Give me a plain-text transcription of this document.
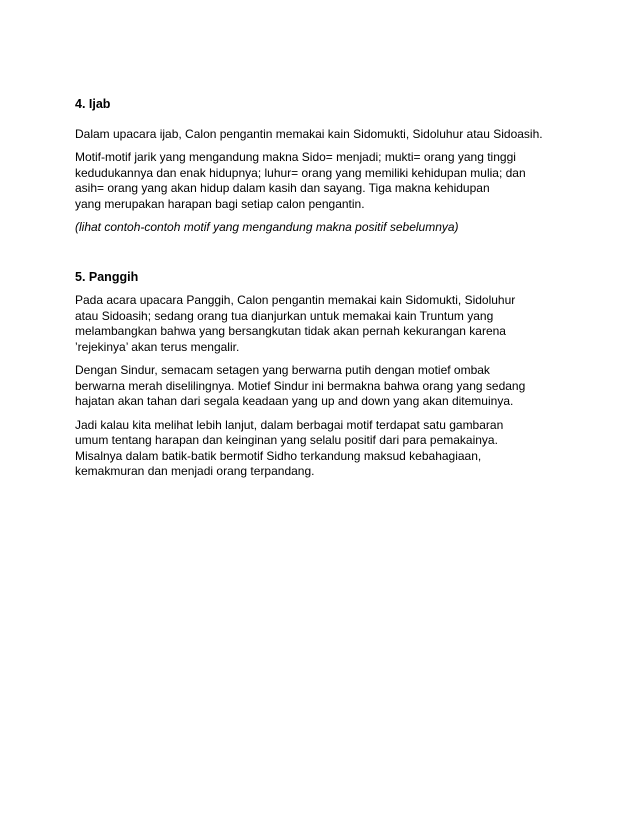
4. Ijab

Dalam upacara ijab, Calon pengantin memakai kain Sidomukti, Sidoluhur atau Sidoasih.

Motif-motif jarik yang mengandung makna Sido= menjadi; mukti= orang yang tinggi
kedudukannya dan enak hidupnya; luhur= orang yang memiliki kehidupan mulia; dan
asih= orang yang akan hidup dalam kasih dan sayang. Tiga makna kehidupan
yang merupakan harapan bagi setiap calon pengantin.

(lihat contoh-contoh motif yang mengandung makna positif sebelumnya)

5. Panggih

Pada acara upacara Panggih, Calon pengantin memakai kain Sidomukti, Sidoluhur
atau Sidoasih; sedang orang tua dianjurkan untuk memakai kain Truntum yang
melambangkan bahwa yang bersangkutan tidak akan pernah kekurangan karena
’rejekinya’ akan terus mengalir.

Dengan Sindur, semacam setagen yang berwarna putih dengan motief ombak
berwarna merah diselilingnya. Motief Sindur ini bermakna bahwa orang yang sedang
hajatan akan tahan dari segala keadaan yang up and down yang akan ditemuinya.

Jadi kalau kita melihat lebih lanjut, dalam berbagai motif terdapat satu gambaran
umum tentang harapan dan keinginan yang selalu positif dari para pemakainya.
Misalnya dalam batik-batik bermotif Sidho terkandung maksud kebahagiaan,
kemakmuran dan menjadi orang terpandang.
